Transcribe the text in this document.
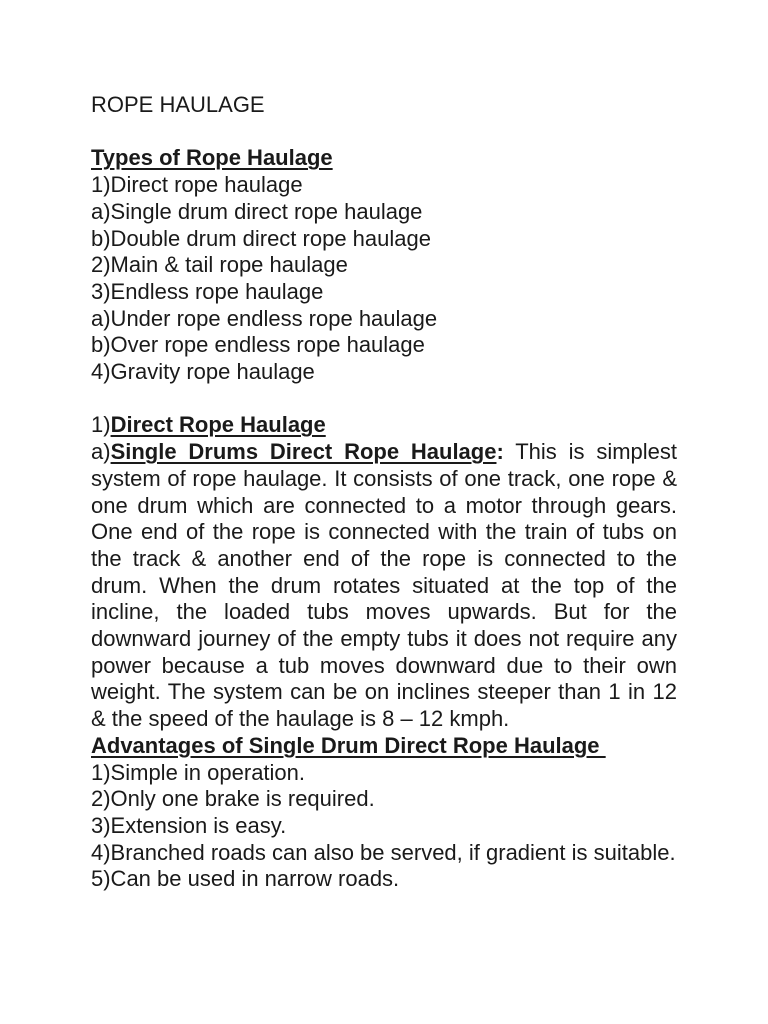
ROPE HAULAGE
Types of Rope Haulage
1)Direct rope haulage
a)Single drum direct rope haulage
b)Double drum direct rope haulage
2)Main & tail rope haulage
3)Endless rope haulage
a)Under rope endless rope haulage
b)Over rope endless rope haulage
4)Gravity rope haulage
1)Direct Rope Haulage
a)Single Drums Direct Rope Haulage: This is simplest system of rope haulage. It consists of one track, one rope & one drum which are connected to a motor through gears. One end of the rope is connected with the train of tubs on the track & another end of the rope is connected to the drum. When the drum rotates situated at the top of the incline, the loaded tubs moves upwards. But for the downward journey of the empty tubs it does not require any power because a tub moves downward due to their own weight. The system can be on inclines steeper than 1 in 12 & the speed of the haulage is 8 – 12 kmph.
Advantages of Single Drum Direct Rope Haulage
1)Simple in operation.
2)Only one brake is required.
3)Extension is easy.
4)Branched roads can also be served, if gradient is suitable.
5)Can be used in narrow roads.
